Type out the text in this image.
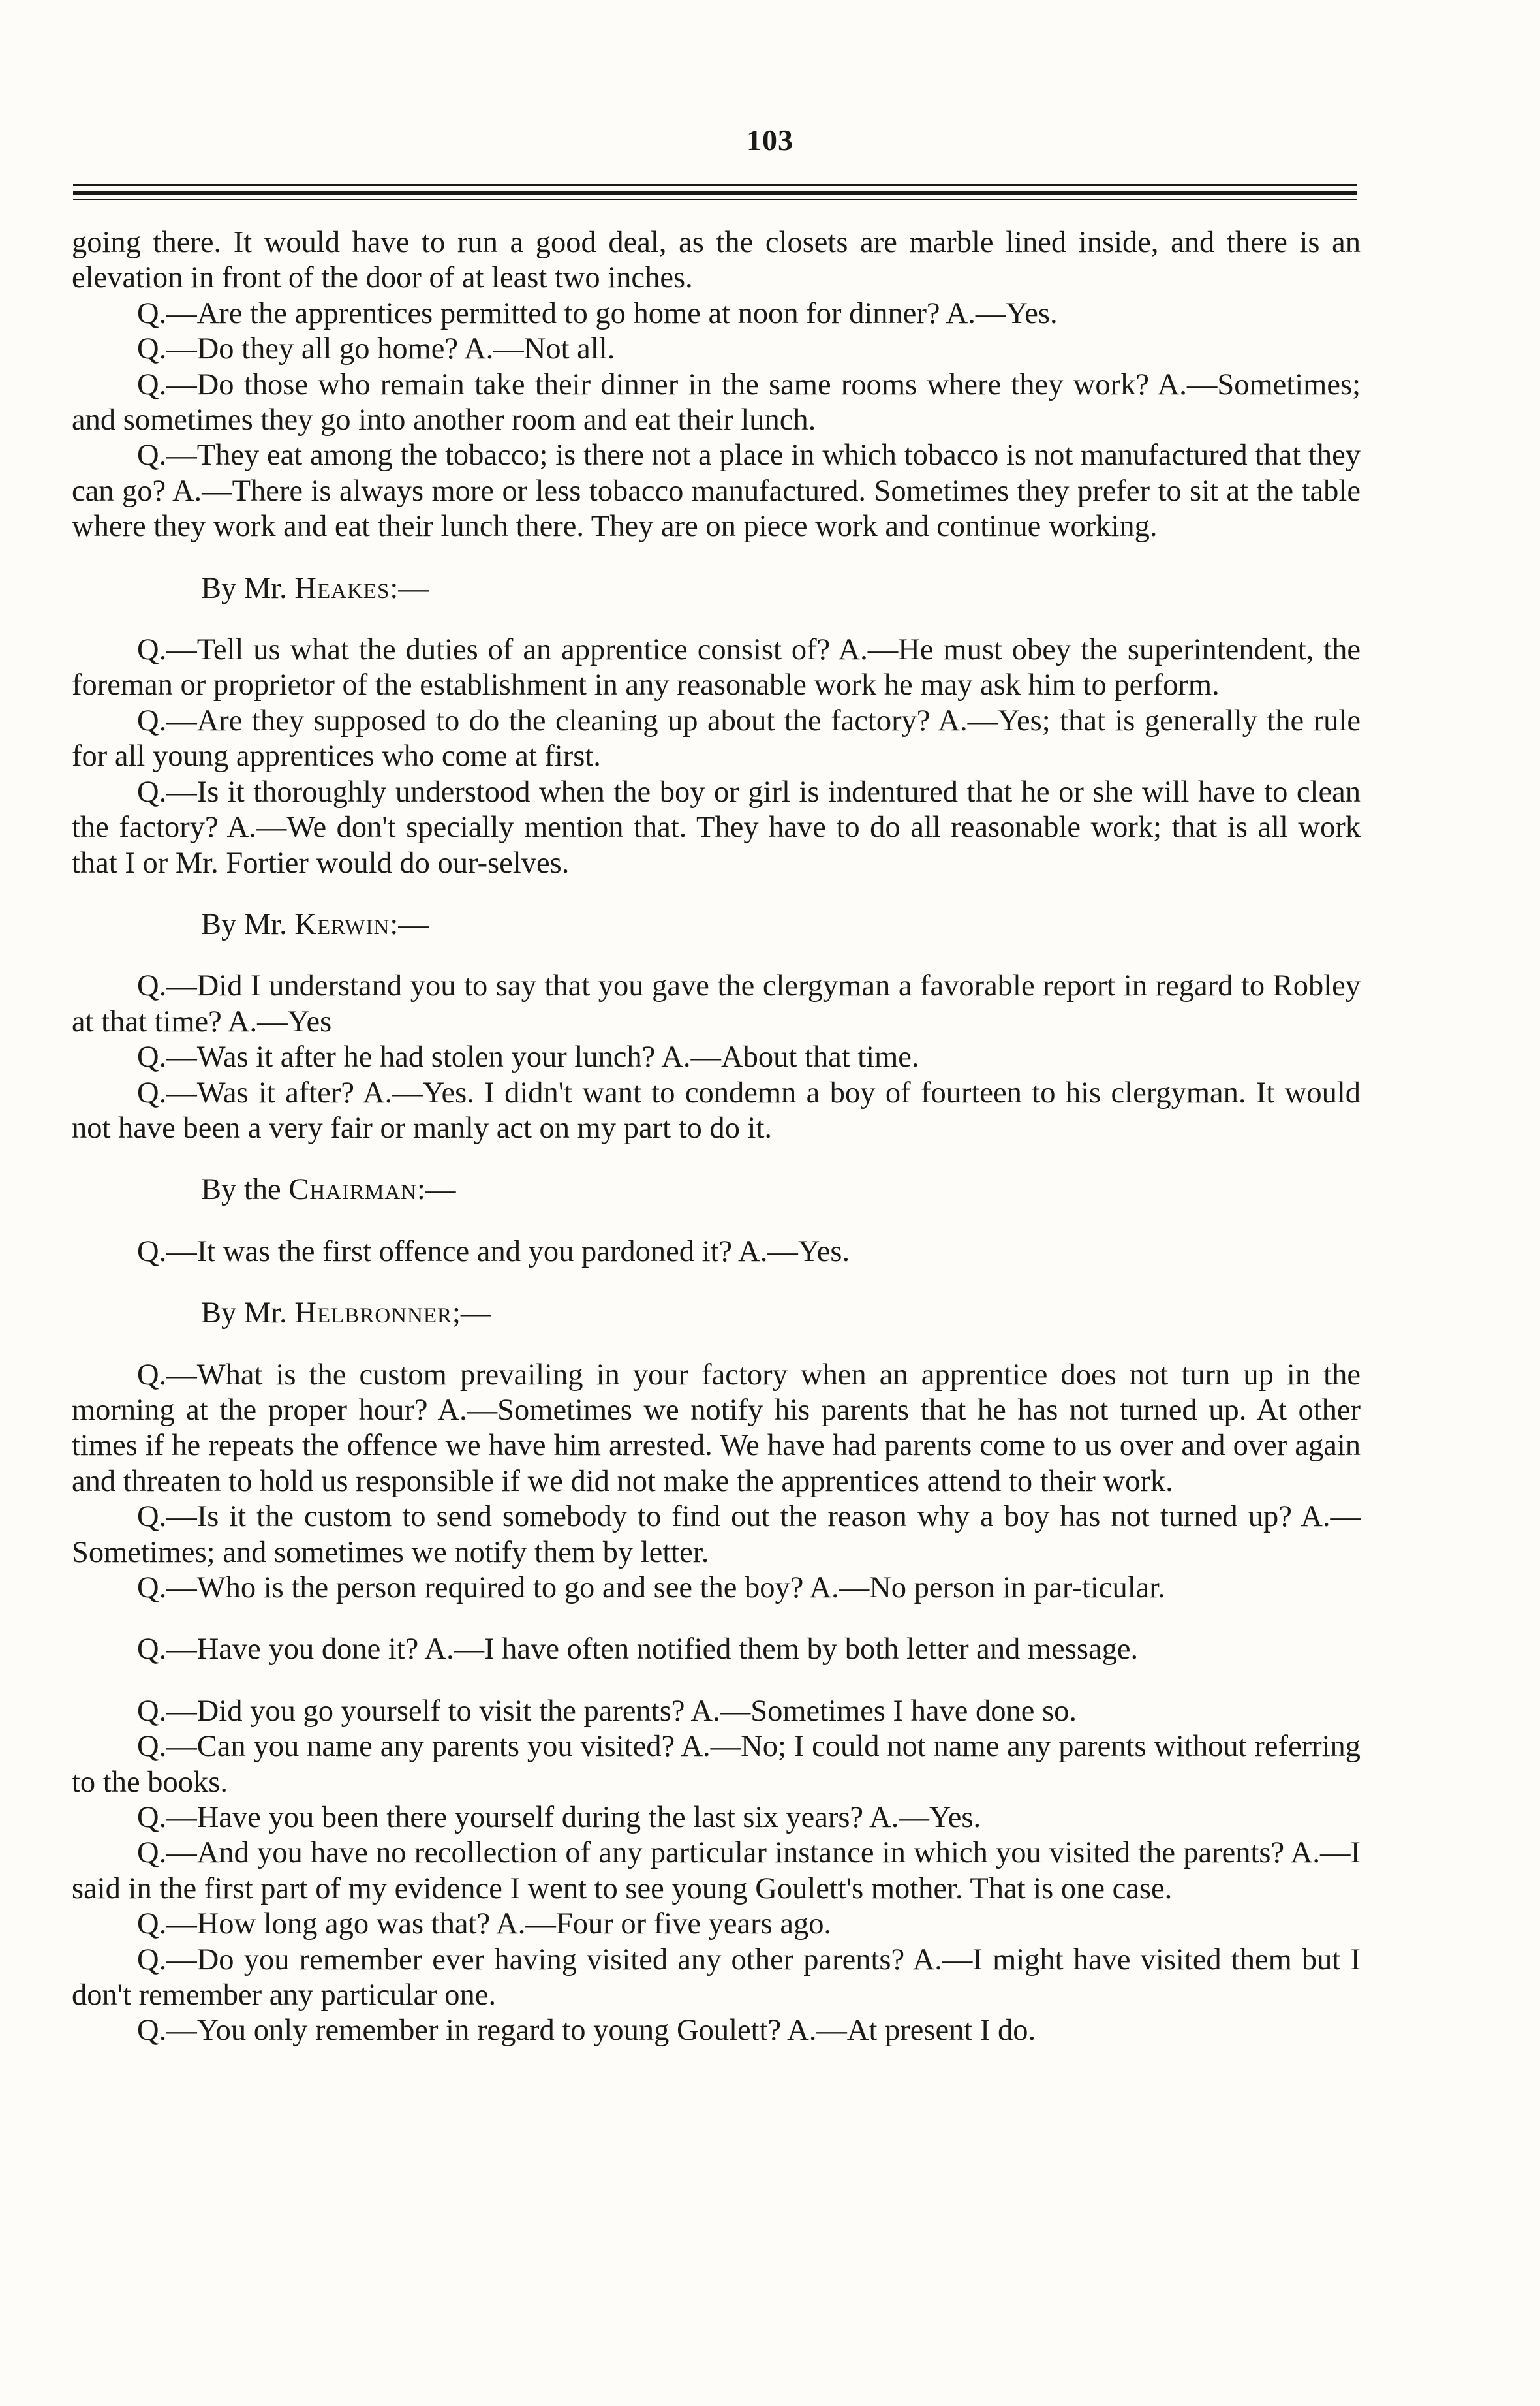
103

going there. It would have to run a good deal, as the closets are marble lined inside, and there is an elevation in front of the door of at least two inches.

Q.—Are the apprentices permitted to go home at noon for dinner? A.—Yes.

Q.—Do they all go home? A.—Not all.

Q.—Do those who remain take their dinner in the same rooms where they work? A.—Sometimes; and sometimes they go into another room and eat their lunch.

Q.—They eat among the tobacco; is there not a place in which tobacco is not manufactured that they can go? A.—There is always more or less tobacco manufactured. Sometimes they prefer to sit at the table where they work and eat their lunch there. They are on piece work and continue working.

By Mr. Heakes:—

Q.—Tell us what the duties of an apprentice consist of? A.—He must obey the superintendent, the foreman or proprietor of the establishment in any reasonable work he may ask him to perform.

Q.—Are they supposed to do the cleaning up about the factory? A.—Yes; that is generally the rule for all young apprentices who come at first.

Q.—Is it thoroughly understood when the boy or girl is indentured that he or she will have to clean the factory? A.—We don't specially mention that. They have to do all reasonable work; that is all work that I or Mr. Fortier would do our-selves.

By Mr. Kerwin:—

Q.—Did I understand you to say that you gave the clergyman a favorable report in regard to Robley at that time? A.—Yes

Q.—Was it after he had stolen your lunch? A.—About that time.

Q.—Was it after? A.—Yes. I didn't want to condemn a boy of fourteen to his clergyman. It would not have been a very fair or manly act on my part to do it.

By the Chairman:—

Q.—It was the first offence and you pardoned it? A.—Yes.

By Mr. Helbronner;—

Q.—What is the custom prevailing in your factory when an apprentice does not turn up in the morning at the proper hour? A.—Sometimes we notify his parents that he has not turned up. At other times if he repeats the offence we have him arrested. We have had parents come to us over and over again and threaten to hold us responsible if we did not make the apprentices attend to their work.

Q.—Is it the custom to send somebody to find out the reason why a boy has not turned up? A.—Sometimes; and sometimes we notify them by letter.

Q.—Who is the person required to go and see the boy? A.—No person in par-ticular.

Q.—Have you done it? A.—I have often notified them by both letter and message.

Q.—Did you go yourself to visit the parents? A.—Sometimes I have done so.

Q.—Can you name any parents you visited? A.—No; I could not name any parents without referring to the books.

Q.—Have you been there yourself during the last six years? A.—Yes.

Q.—And you have no recollection of any particular instance in which you visited the parents? A.—I said in the first part of my evidence I went to see young Goulett's mother. That is one case.

Q.—How long ago was that? A.—Four or five years ago.

Q.—Do you remember ever having visited any other parents? A.—I might have visited them but I don't remember any particular one.

Q.—You only remember in regard to young Goulett? A.—At present I do.
